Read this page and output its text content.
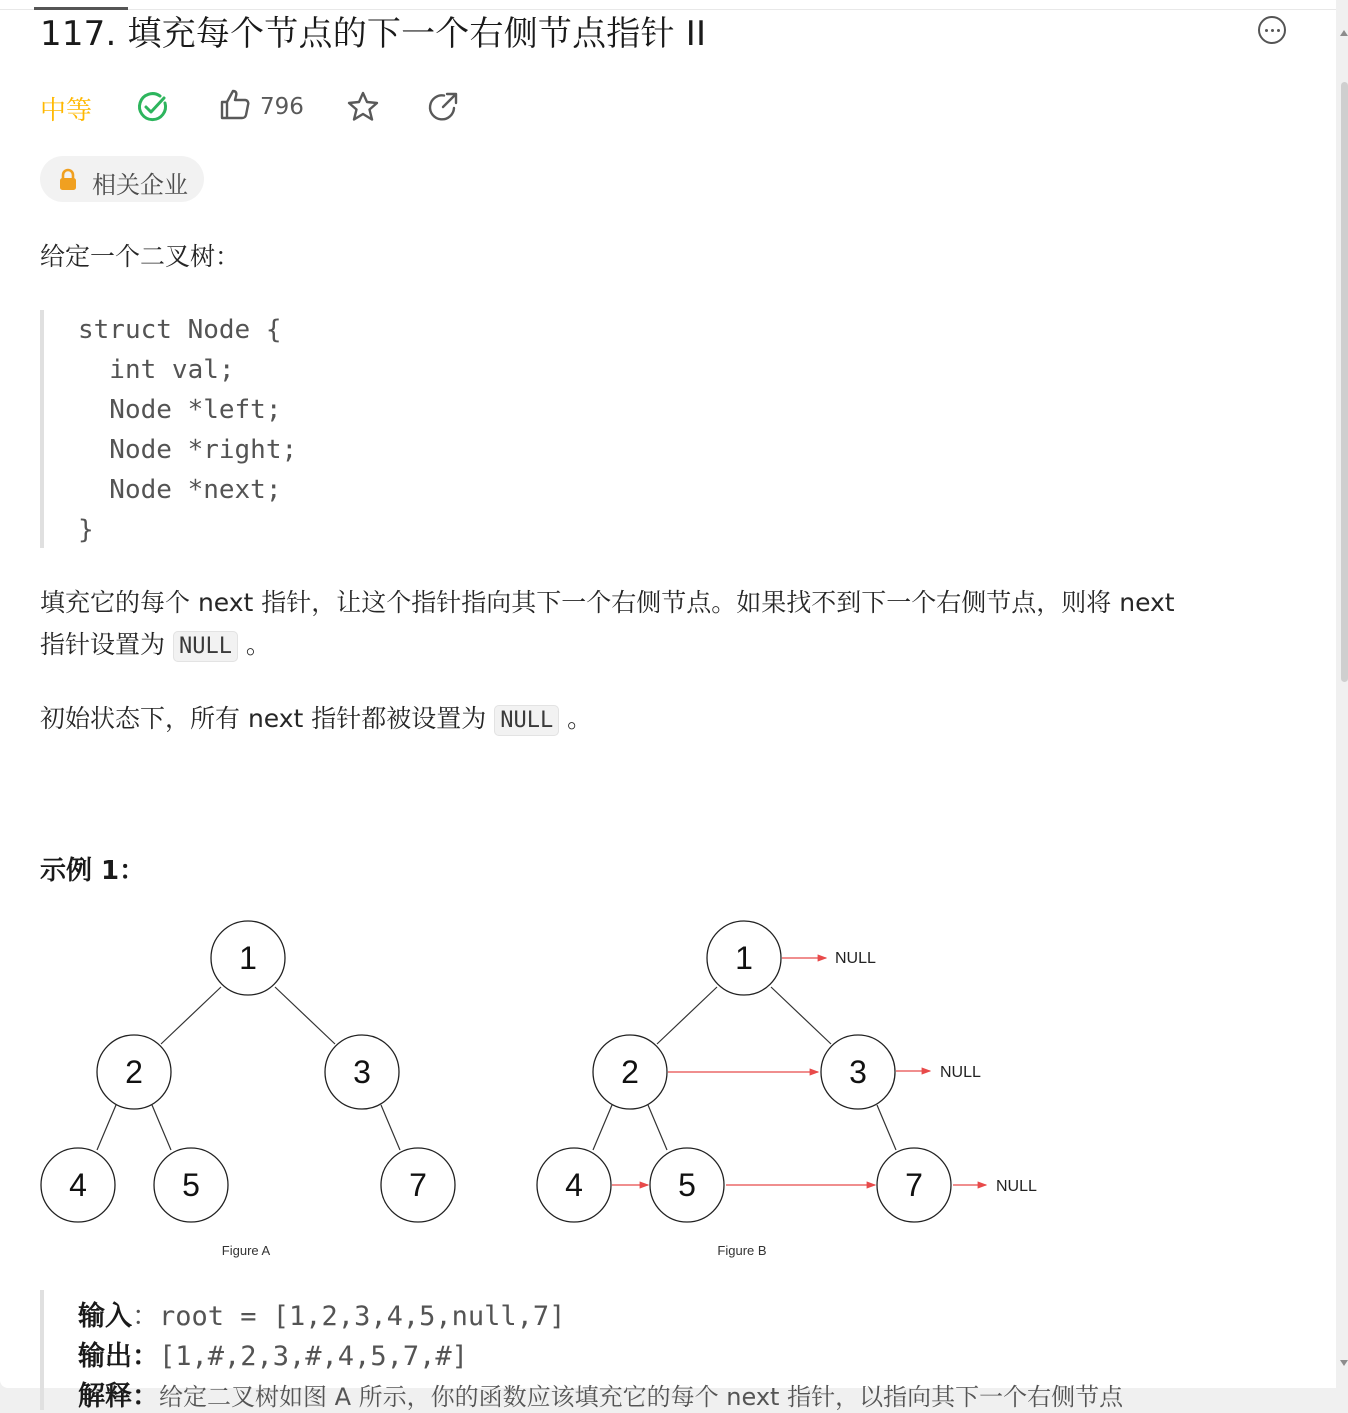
117. 填充每个节点的下一个右侧节点指针 II
中等	796
相关企业
给定一个二叉树：
struct Node {
int val;
Node *left;
Node *right;
Node *next;
}
填充它的每个 next 指针，让这个指针指向其下一个右侧节点。如果找不到下一个右侧节点，则将 next
指针设置为 NULL 。
初始状态下，所有 next 指针都被设置为 NULL 。
示例 1：
1
2	3
4	5	7
Figure A
1
2	3
4	5	7
NULL
NULL
NULL
Figure B
输入：root = [1,2,3,4,5,null,7]
输出：[1,#,2,3,#,4,5,7,#]
解释：给定二叉树如图 A 所示，你的函数应该填充它的每个 next 指针，以指向其下一个右侧节点
